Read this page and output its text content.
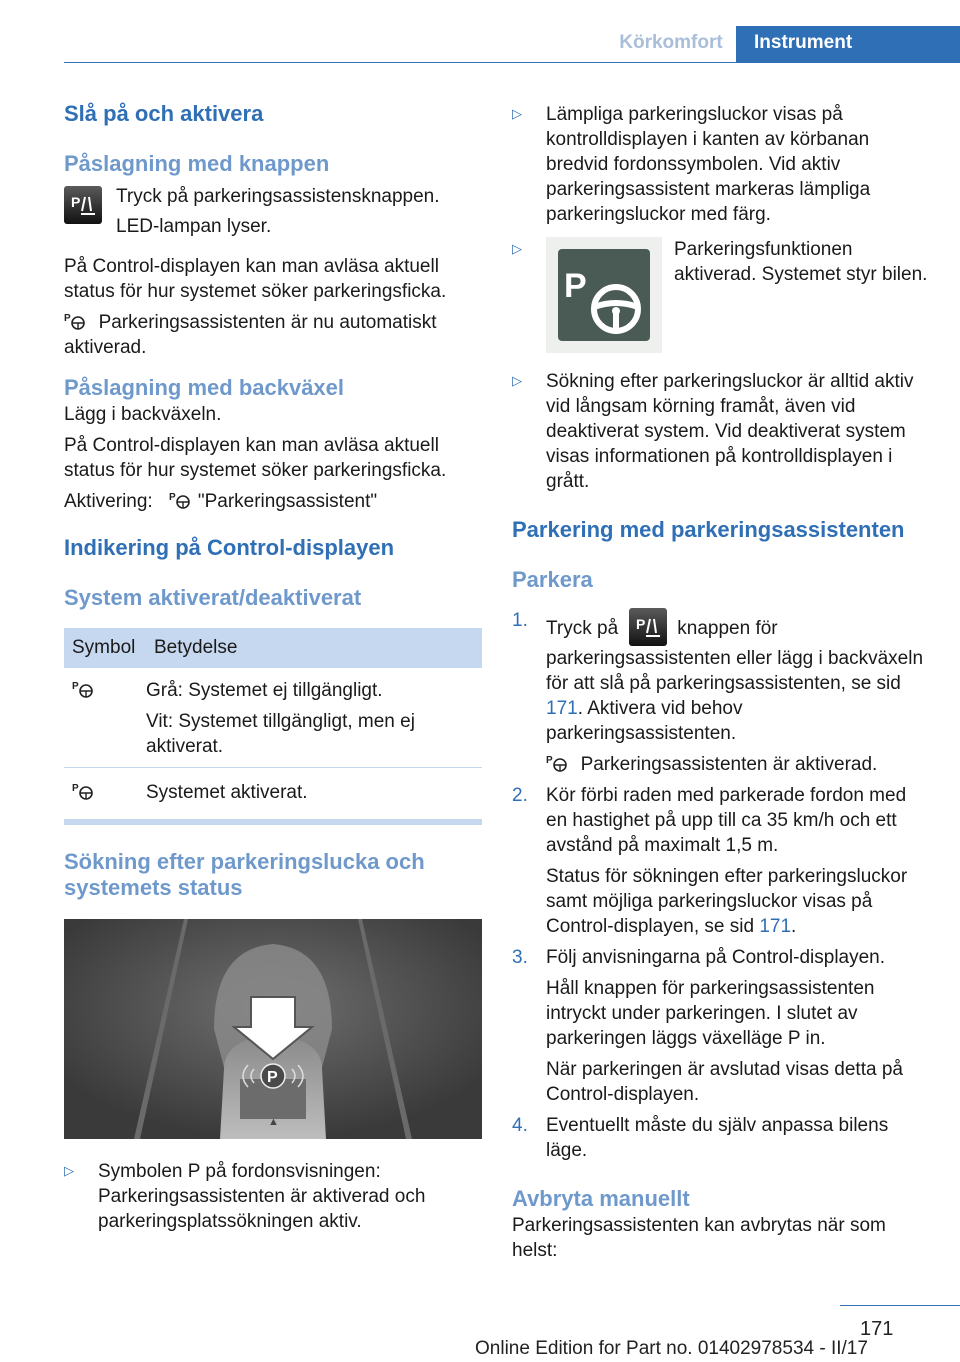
Körkomfort	Instrument
Slå på och aktivera
Påslagning med knappen
P Tryck på parkeringsassistensknappen.

LED-lampan lyser.

På Control-displayen kan man avläsa aktuell status för hur systemet söker parkeringsficka.

P Parkeringsassistenten är nu automatiskt aktiverad.

Påslagning med backväxel

Lägg i backväxeln.

På Control-displayen kan man avläsa aktuell status för hur systemet söker parkeringsficka.

Aktivering: P "Parkeringsassistent"

Indikering på Control-displayen
System aktiverat/deaktiverat
Symbol	Betydelse

P	Grå: Systemet ej tillgängligt.
Vit: Systemet tillgängligt, men ej aktiverat.

P	Systemet aktiverat.
Sökning efter parkeringslucka och systemets status
P
▲
▷	Symbolen P på fordonsvisningen: Parkeringsassistenten är aktiverad och parkeringsplatssökningen aktiv.
▷	Lämpliga parkeringsluckor visas på kontrolldisplayen i kanten av körbanan bredvid fordonssymbolen. Vid aktiv parkeringsassistent markeras lämpliga parkeringsluckor med färg.
▷
P
Parkeringsfunktionen aktiverad. Systemet styr bilen.
▷	Sökning efter parkeringsluckor är alltid aktiv vid långsam körning framåt, även vid deaktiverat system. Vid deaktiverat system visas informationen på kontrolldisplayen i grått.
Parkering med parkeringsassistenten
Parkera
1. Tryck på P knappen för parkeringsassistenten eller lägg i backväxeln för att slå på parkeringsassistenten, se sid 171. Aktivera vid behov parkeringsassistenten.
P Parkeringsassistenten är aktiverad.
2. Kör förbi raden med parkerade fordon med en hastighet på upp till ca 35 km/h och ett avstånd på maximalt 1,5 m.
Status för sökningen efter parkeringsluckor samt möjliga parkeringsluckor visas på Control-displayen, se sid 171.
3. Följ anvisningarna på Control-displayen.
Håll knappen för parkeringsassistenten intryckt under parkeringen. I slutet av parkeringen läggs växelläge P in.
När parkeringen är avslutad visas detta på Control-displayen.
4. Eventuellt måste du själv anpassa bilens läge.
Avbryta manuellt

Parkeringsassistenten kan avbrytas när som helst:

171
Online Edition for Part no. 01402978534 - II/17
